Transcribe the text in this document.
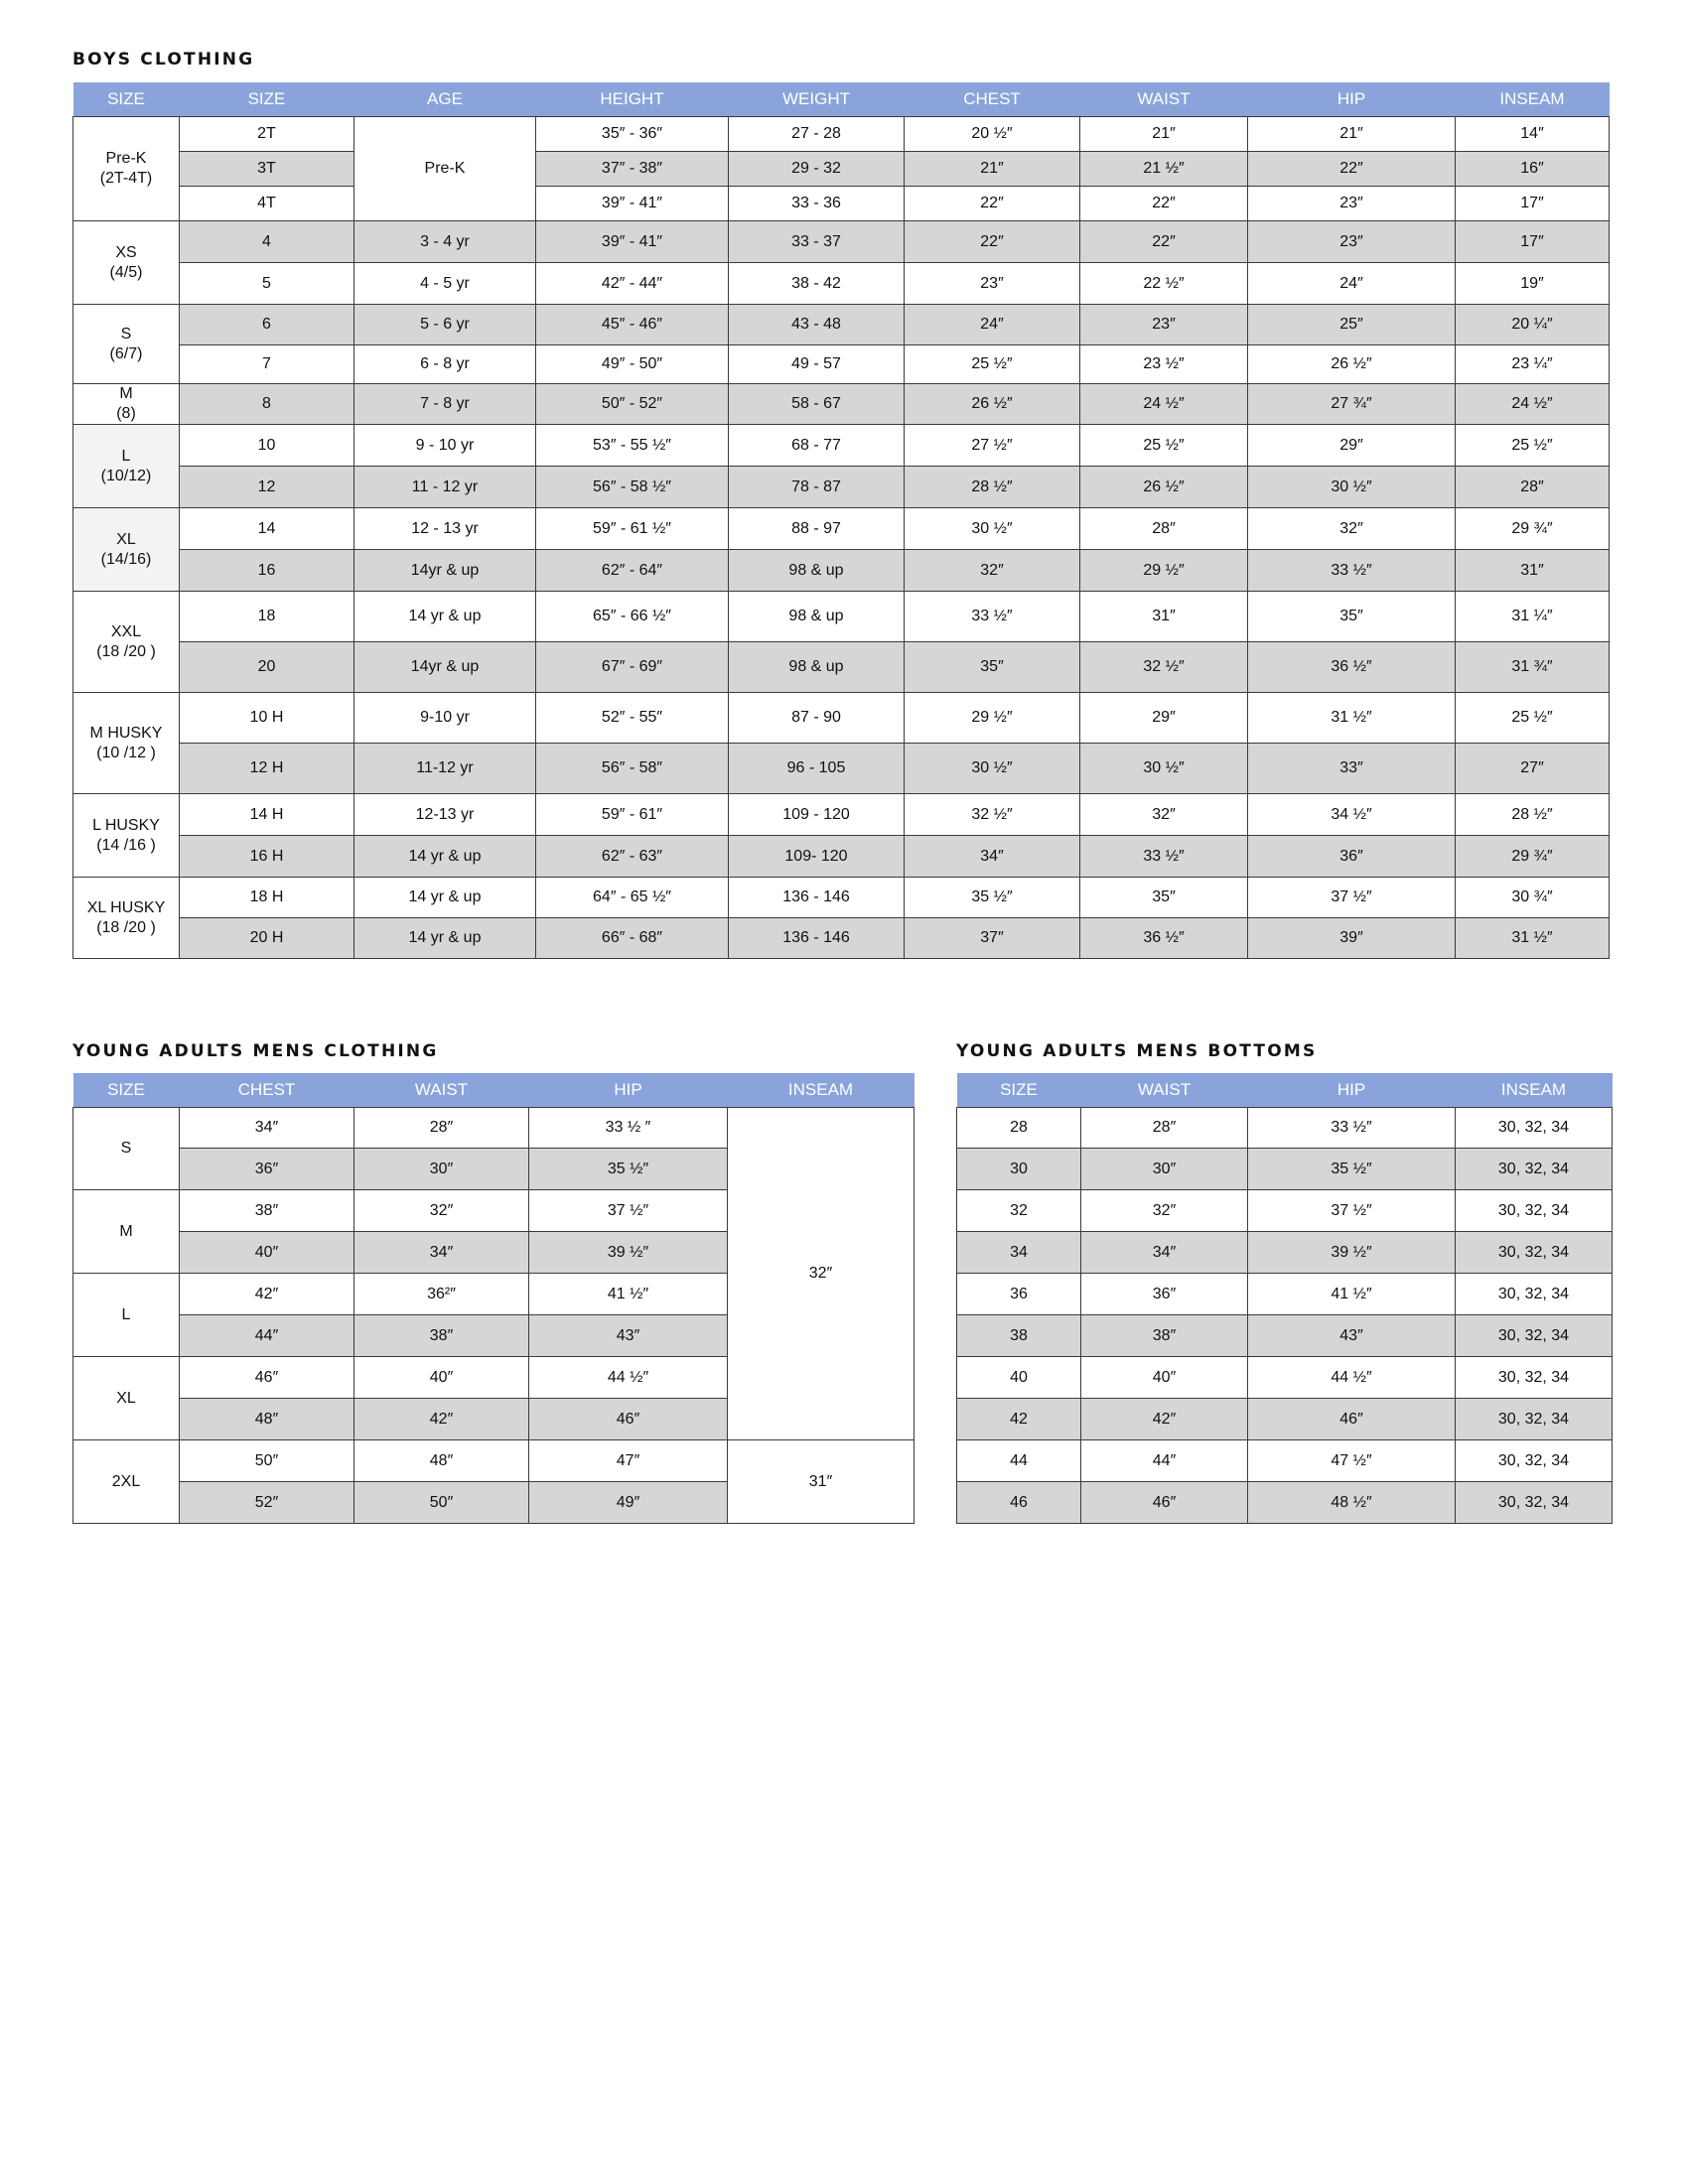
BOYS CLOTHING
SIZE	SIZE	AGE	HEIGHT	WEIGHT	CHEST	WAIST	HIP	INSEAM

Pre-K
(2T-4T)	2T	Pre-K	35″ - 36″	27 - 28	20 ½″	21″	21″	14″
	3T		37″ - 38″	29 - 32	21″	21 ½″	22″	16″
	4T		39″ - 41″	33 - 36	22″	22″	23″	17″

XS
(4/5)	4	3 - 4 yr	39″ - 41″	33 - 37	22″	22″	23″	17″
	5	4 - 5 yr	42″ - 44″	38 - 42	23″	22 ½″	24″	19″

S
(6/7)	6	5 - 6 yr	45″ - 46″	43 - 48	24″	23″	25″	20 ¼″
	7	6 - 8 yr	49″ - 50″	49 - 57	25 ½″	23 ½″	26 ½″	23 ¼″

M
(8)	8	7 - 8 yr	50″ - 52″	58 - 67	26 ½″	24 ½″	27 ¾″	24 ½″

L
(10/12)	10	9 - 10 yr	53″ - 55 ½″	68 - 77	27 ½″	25 ½″	29″	25 ½″
	12	11 - 12 yr	56″ - 58 ½″	78 - 87	28 ½″	26 ½″	30 ½″	28″

XL
(14/16)	14	12 - 13 yr	59″ - 61 ½″	88 - 97	30 ½″	28″	32″	29 ¾″
	16	14yr & up	62″ - 64″	98 & up	32″	29 ½″	33 ½″	31″

XXL
(18 /20 )	18	14 yr & up	65″ - 66 ½″	98 & up	33 ½″	31″	35″	31 ¼″
	20	14yr & up	67″ - 69″	98 & up	35″	32 ½″	36 ½″	31 ¾″

M HUSKY
(10 /12 )	10 H	9-10 yr	52″ - 55″	87 - 90	29 ½″	29″	31 ½″	25 ½″
	12 H	11-12 yr	56″ - 58″	96 - 105	30 ½″	30 ½″	33″	27″

L HUSKY
(14 /16 )	14 H	12-13 yr	59″ - 61″	109 - 120	32 ½″	32″	34 ½″	28 ½″
	16 H	14 yr & up	62″ - 63″	109- 120	34″	33 ½″	36″	29 ¾″

XL HUSKY
(18 /20 )	18 H	14 yr & up	64″ - 65 ½″	136 - 146	35 ½″	35″	37 ½″	30 ¾″
	20 H	14 yr & up	66″ - 68″	136 - 146	37″	36 ½″	39″	31 ½″
YOUNG ADULTS MENS CLOTHING
SIZE	CHEST	WAIST	HIP	INSEAM
S	34″	28″	33 ½ ″	32″
	36″	30″	35 ½″	
M	38″	32″	37 ½″	
	40″	34″	39 ½″	
L	42″	36²″	41 ½″	
	44″	38″	43″	
XL	46″	40″	44 ½″	
	48″	42″	46″	
2XL	50″	48″	47″	31″
	52″	50″	49″	
YOUNG ADULTS MENS BOTTOMS
SIZE	WAIST	HIP	INSEAM
28	28″	33 ½″	30, 32, 34
30	30″	35 ½″	30, 32, 34
32	32″	37 ½″	30, 32, 34
34	34″	39 ½″	30, 32, 34
36	36″	41 ½″	30, 32, 34
38	38″	43″	30, 32, 34
40	40″	44 ½″	30, 32, 34
42	42″	46″	30, 32, 34
44	44″	47 ½″	30, 32, 34
46	46″	48 ½″	30, 32, 34
